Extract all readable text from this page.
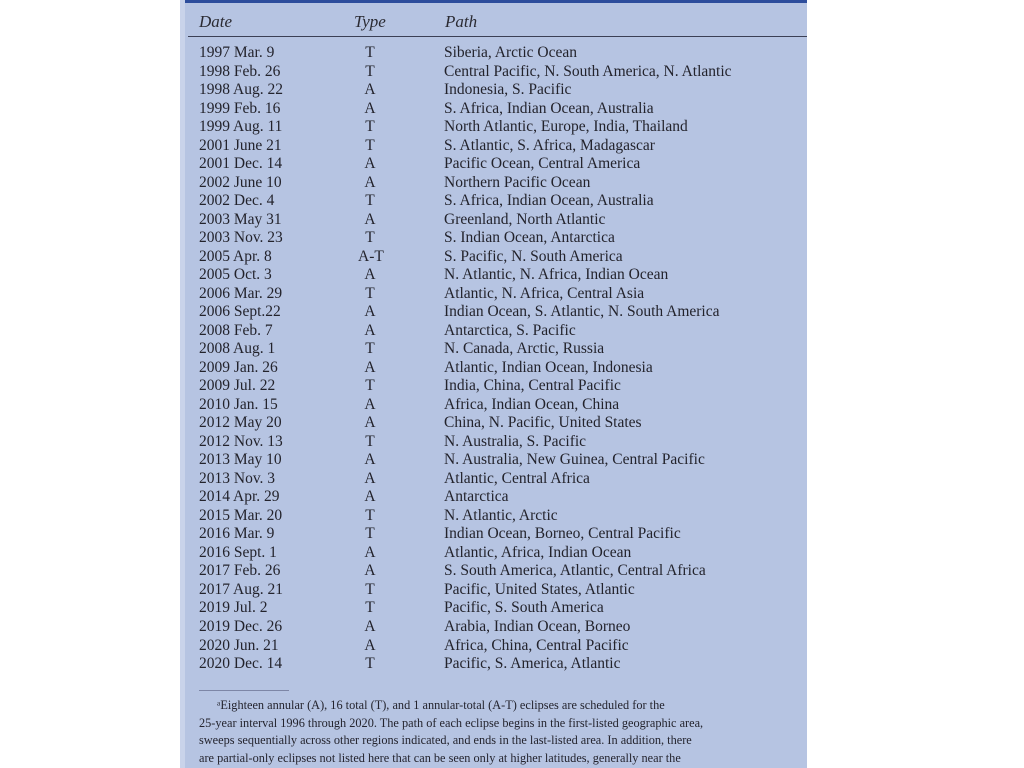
Date	Type	Path
1997 Mar. 9	T	Siberia, Arctic Ocean
1998 Feb. 26	T	Central Pacific, N. South America, N. Atlantic
1998 Aug. 22	A	Indonesia, S. Pacific
1999 Feb. 16	A	S. Africa, Indian Ocean, Australia
1999 Aug. 11	T	North Atlantic, Europe, India, Thailand
2001 June 21	T	S. Atlantic, S. Africa, Madagascar
2001 Dec. 14	A	Pacific Ocean, Central America
2002 June 10	A	Northern Pacific Ocean
2002 Dec. 4	T	S. Africa, Indian Ocean, Australia
2003 May 31	A	Greenland, North Atlantic
2003 Nov. 23	T	S. Indian Ocean, Antarctica
2005 Apr. 8	A-T	S. Pacific, N. South America
2005 Oct. 3	A	N. Atlantic, N. Africa, Indian Ocean
2006 Mar. 29	T	Atlantic, N. Africa, Central Asia
2006 Sept.22	A	Indian Ocean, S. Atlantic, N. South America
2008 Feb. 7	A	Antarctica, S. Pacific
2008 Aug. 1	T	N. Canada, Arctic, Russia
2009 Jan. 26	A	Atlantic, Indian Ocean, Indonesia
2009 Jul. 22	T	India, China, Central Pacific
2010 Jan. 15	A	Africa, Indian Ocean, China
2012 May 20	A	China, N. Pacific, United States
2012 Nov. 13	T	N. Australia, S. Pacific
2013 May 10	A	N. Australia, New Guinea, Central Pacific
2013 Nov. 3	A	Atlantic, Central Africa
2014 Apr. 29	A	Antarctica
2015 Mar. 20	T	N. Atlantic, Arctic
2016 Mar. 9	T	Indian Ocean, Borneo, Central Pacific
2016 Sept. 1	A	Atlantic, Africa, Indian Ocean
2017 Feb. 26	A	S. South America, Atlantic, Central Africa
2017 Aug. 21	T	Pacific, United States, Atlantic
2019 Jul. 2	T	Pacific, S. South America
2019 Dec. 26	A	Arabia, Indian Ocean, Borneo
2020 Jun. 21	A	Africa, China, Central Pacific
2020 Dec. 14	T	Pacific, S. America, Atlantic
ᵃEighteen annular (A), 16 total (T), and 1 annular-total (A-T) eclipses are scheduled for the
25-year interval 1996 through 2020. The path of each eclipse begins in the first-listed geographic area,
sweeps sequentially across other regions indicated, and ends in the last-listed area. In addition, there
are partial-only eclipses not listed here that can be seen only at higher latitudes, generally near the
